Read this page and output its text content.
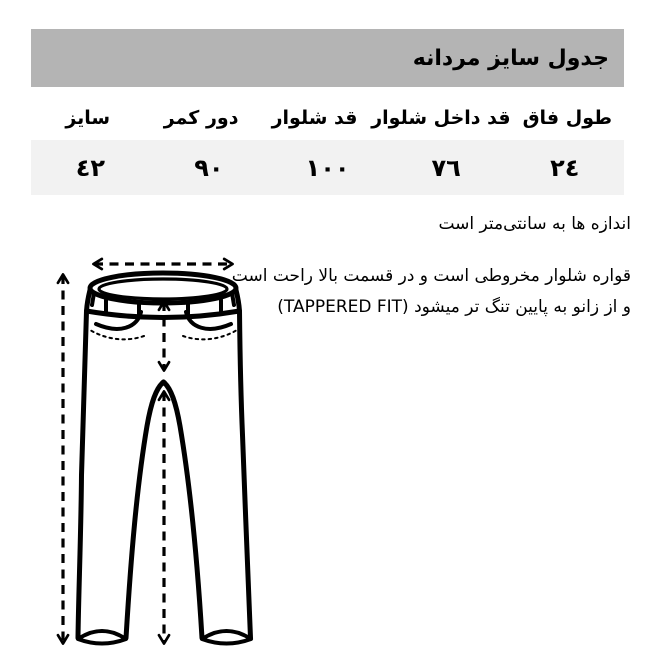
جدول سایز مردانه
طول فاق
قد داخل شلوار
قد شلوار
دور کمر
سایز
٢٤
٧٦
١٠٠
٩٠
٤٢
اندازه ها به سانتی‌متر است
قواره شلوار مخروطی است و در قسمت بالا راحت است
و از زانو به پایین تنگ تر میشود (TAPPERED FIT)
